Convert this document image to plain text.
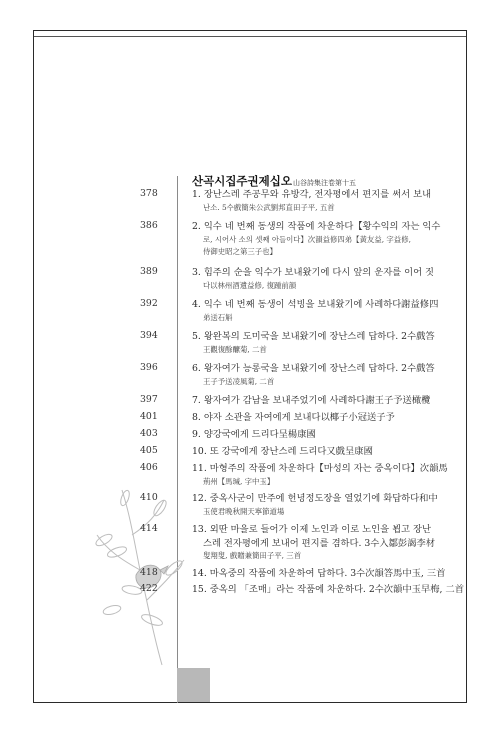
산곡시집주권제십오山谷詩集注卷第十五
378	1. 장난스레 주공무와 유방각, 전자평에서 편지를 써서 보내
난소. 5수戲簡朱公武劉邦直田子平, 五首
386	2. 익수 네 번째 동생의 작품에 차운하다【황수익의 자는 익수
로, 시어사 소의 셋째 아들이다】次韻益修四弟【黃友益, 字益修,
侍御史昭之第三子也】
389	3. 힘주의 순을 익수가 보내왔기에 다시 앞의 운자를 이어 짓
다以林州酒遺益修, 復踵前韻
392	4. 익수 네 번째 동생이 석빙을 보내왔기에 사례하다謝益修四
弟送石斛
394	5. 왕완복의 도미국을 보내왔기에 장난스레 답하다. 2수戲答
王觀復酴醿菊, 二首
396	6. 왕자여가 능롱국을 보내왔기에 장난스레 답하다. 2수戲答
王子予送凌風菊, 二首
397	7. 왕자여가 감남을 보내주었기에 사례하다謝王子予送橄欖
401	8. 야자 소관을 자여에게 보내다以椰子小冠送子予
403	9. 양강국에게 드리다呈楊康國
405	10. 또 강국에게 장난스레 드리다又戲呈康國
406	11. 마형주의 작품에 차운하다【마성의 자는 중옥이다】次韻馬
荊州【馬瑊, 字中玉】
410	12. 중옥사군이 만주에 헌녕정도장을 열었기에 화답하다和中
玉使君晚秋開天寧節道場
414	13. 외딴 마을로 들어가 이제 노인과 이로 노인을 뵙고 장난
스레 전자평에게 보내어 편지를 겸하다. 3수入鄒彭謁李材
叟翔叟, 戲贈兼簡田子平, 三首
418	14. 마옥중의 작품에 차운하여 답하다. 3수次韻答馬中玉, 三首
422	15. 중옥의 「조매」라는 작품에 차운하다. 2수次韻中玉早梅, 二首
